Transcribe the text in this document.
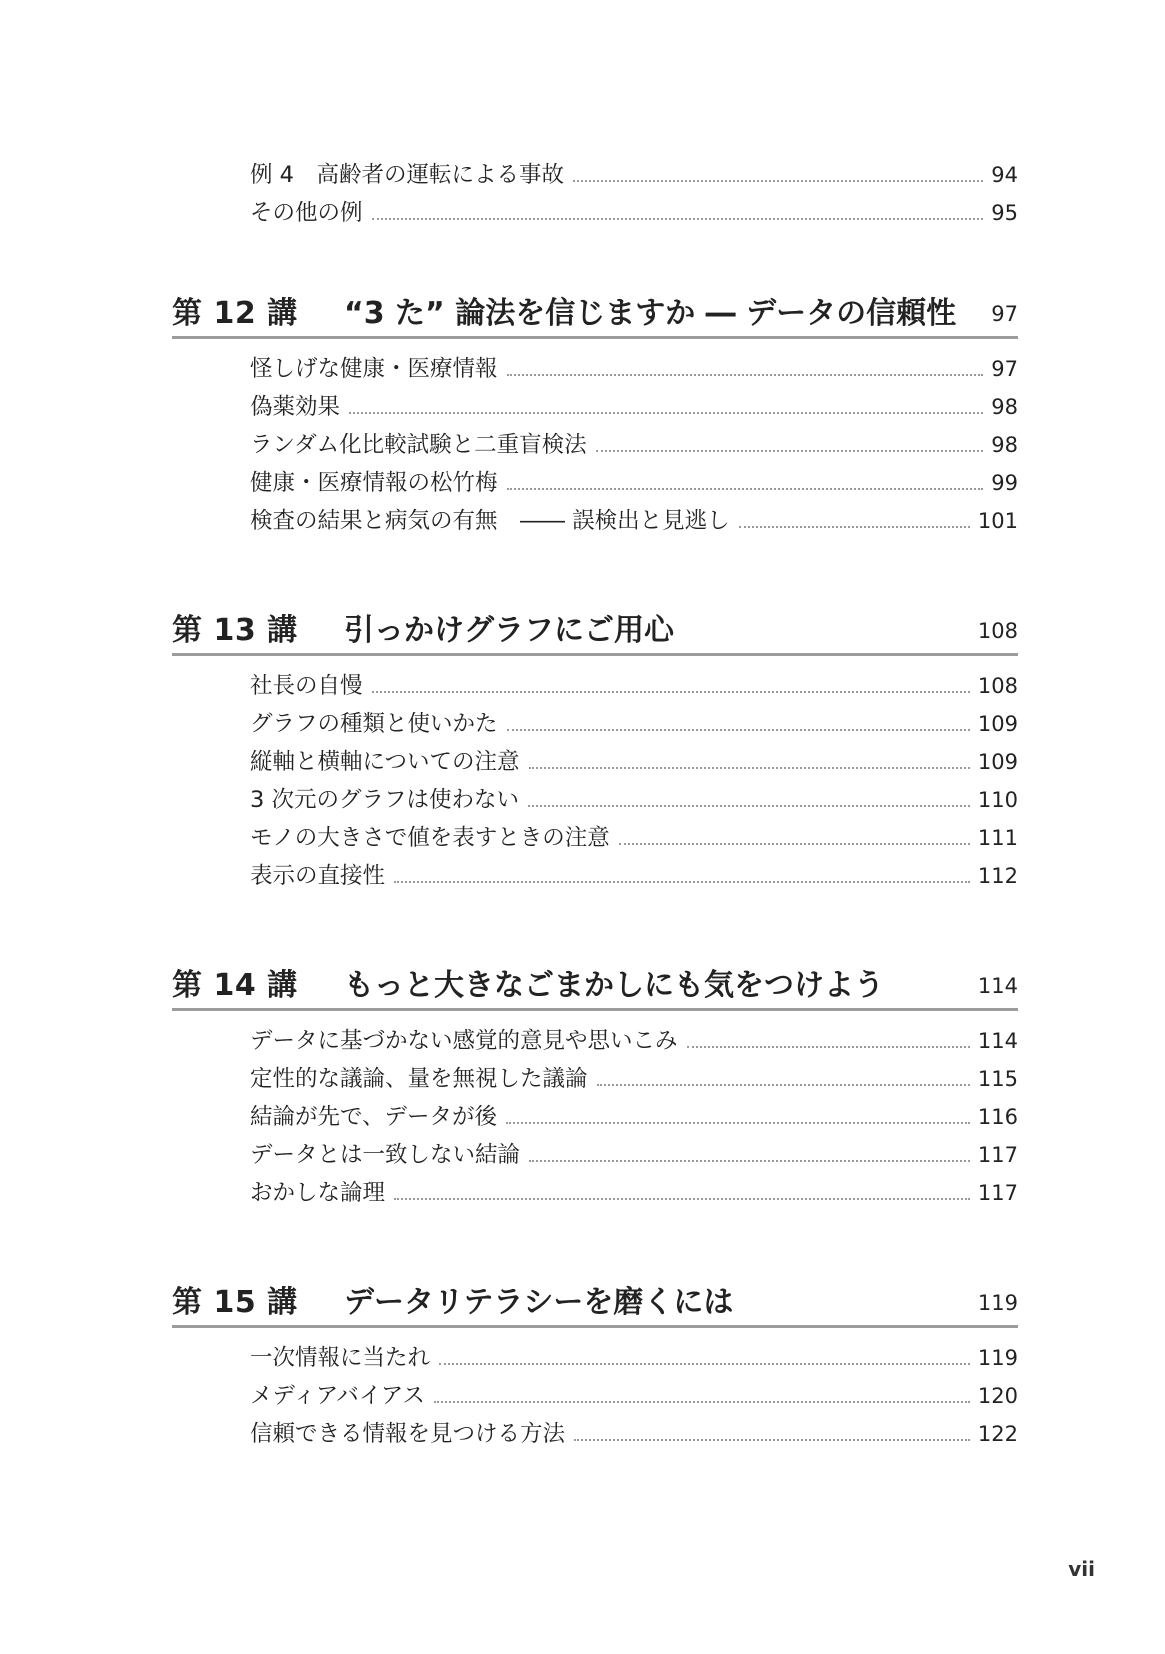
例 4　高齢者の運転による事故	94
その他の例	95
第 12 講 “3 た” 論法を信じますか ― データの信頼性 97
怪しげな健康・医療情報	97
偽薬効果	98
ランダム化比較試験と二重盲検法	98
健康・医療情報の松竹梅	99
検査の結果と病気の有無　―― 誤検出と見逃し	101
第 13 講 引っかけグラフにご用心	108
社長の自慢	108
グラフの種類と使いかた	109
縦軸と横軸についての注意	109
3 次元のグラフは使わない	110
モノの大きさで値を表すときの注意	111
表示の直接性	112
第 14 講 もっと大きなごまかしにも気をつけよう	114
データに基づかない感覚的意見や思いこみ	114
定性的な議論、量を無視した議論	115
結論が先で、データが後	116
データとは一致しない結論	117
おかしな論理	117
第 15 講 データリテラシーを磨くには	119
一次情報に当たれ	119
メディアバイアス	120
信頼できる情報を見つける方法	122
vii
